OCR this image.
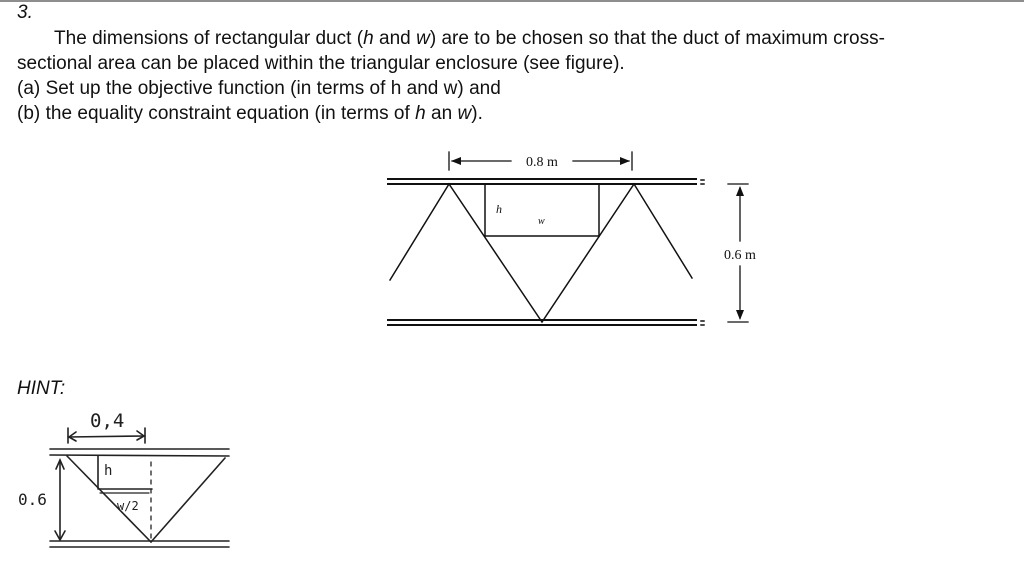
3.

The dimensions of rectangular duct (h and w) are to be chosen so that the duct of maximum cross-

sectional area can be placed within the triangular enclosure (see figure).

(a) Set up the objective function (in terms of h and w) and

(b) the equality constraint equation (in terms of h an w).

0.8 m
0.6 m
h
w
HINT:
0,4
0.6
h
w/2
